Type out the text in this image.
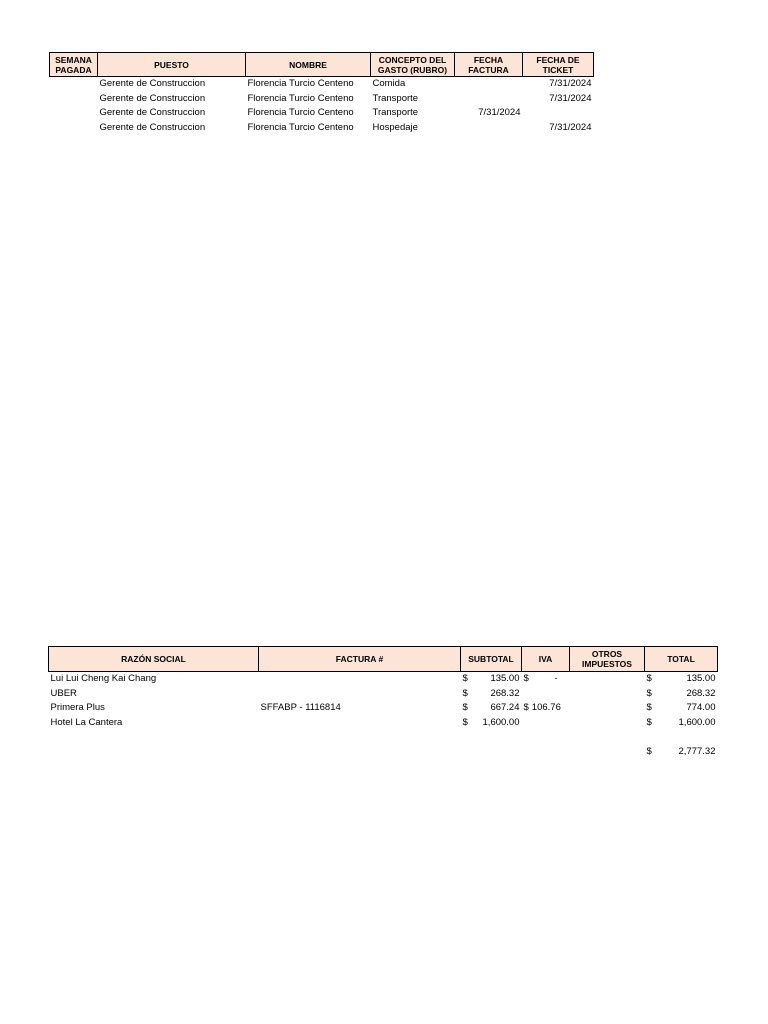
SEMANA PAGADA	PUESTO	NOMBRE	CONCEPTO DEL GASTO (RUBRO)	FECHA FACTURA	FECHA DE TICKET
	Gerente de Construccion	Florencia Turcio Centeno	Comida		7/31/2024
	Gerente de Construccion	Florencia Turcio Centeno	Transporte		7/31/2024
	Gerente de Construccion	Florencia Turcio Centeno	Transporte	7/31/2024	
	Gerente de Construccion	Florencia Turcio Centeno	Hospedaje		7/31/2024
RAZÓN SOCIAL	FACTURA #	SUBTOTAL	IVA	OTROS IMPUESTOS	TOTAL
Lui Lui Cheng Kai Chang		$ 135.00	$ -		$ 135.00

UBER		$ 268.32			$ 268.32

Primera Plus	SFFABP - 1116814	$ 667.24	$ 106.76		$ 774.00

Hotel La Cantera		$ 1,600.00			$ 1,600.00

					$ 2,777.32
